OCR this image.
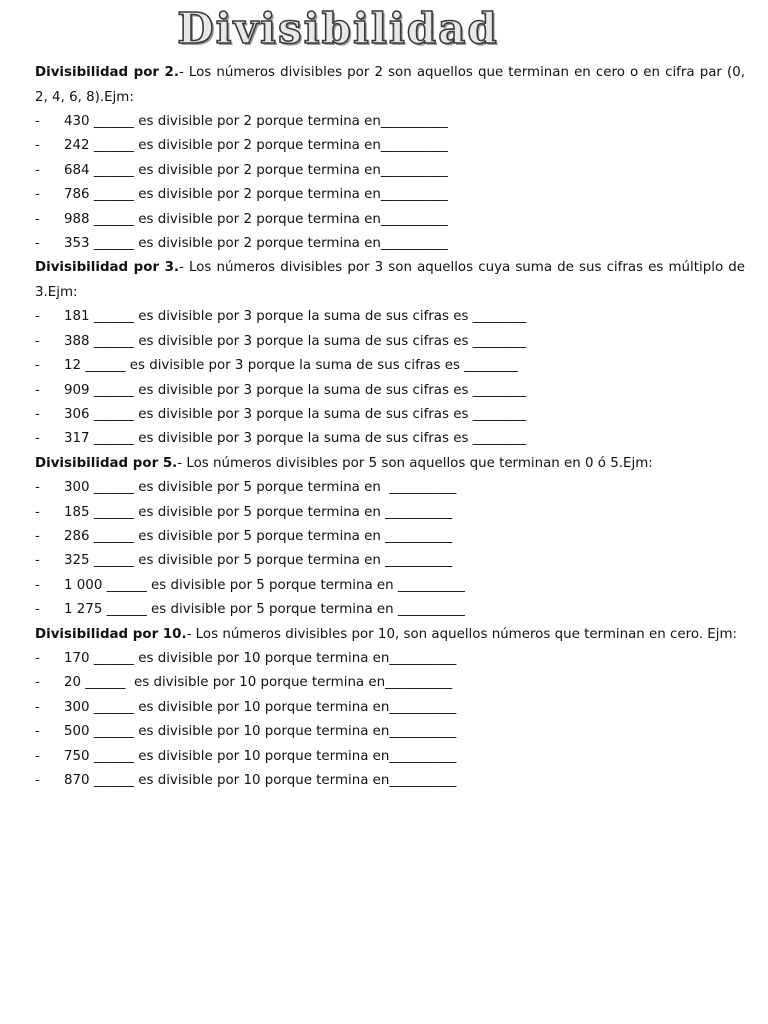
Divisibilidad
Divisibilidad por 2.- Los números divisibles por 2 son aquellos que terminan en cero o en cifra par (0, 2, 4, 6, 8).Ejm:
- 430 ______ es divisible por 2 porque termina en__________
- 242 ______ es divisible por 2 porque termina en__________
- 684 ______ es divisible por 2 porque termina en__________
- 786 ______ es divisible por 2 porque termina en__________
- 988 ______ es divisible por 2 porque termina en__________
- 353 ______ es divisible por 2 porque termina en__________
Divisibilidad por 3.- Los números divisibles por 3 son aquellos cuya suma de sus cifras es múltiplo de 3.Ejm:
- 181 ______ es divisible por 3 porque la suma de sus cifras es ________
- 388 ______ es divisible por 3 porque la suma de sus cifras es ________
- 12 ______ es divisible por 3 porque la suma de sus cifras es ________
- 909 ______ es divisible por 3 porque la suma de sus cifras es ________
- 306 ______ es divisible por 3 porque la suma de sus cifras es ________
- 317 ______ es divisible por 3 porque la suma de sus cifras es ________
Divisibilidad por 5.- Los números divisibles por 5 son aquellos que terminan en 0 ó 5.Ejm:
- 300 ______ es divisible por 5 porque termina en  __________
- 185 ______ es divisible por 5 porque termina en __________
- 286 ______ es divisible por 5 porque termina en __________
- 325 ______ es divisible por 5 porque termina en __________
- 1 000 ______ es divisible por 5 porque termina en __________
- 1 275 ______ es divisible por 5 porque termina en __________
Divisibilidad por 10.- Los números divisibles por 10, son aquellos números que terminan en cero. Ejm:
- 170 ______ es divisible por 10 porque termina en__________
- 20 ______  es divisible por 10 porque termina en__________
- 300 ______ es divisible por 10 porque termina en__________
- 500 ______ es divisible por 10 porque termina en__________
- 750 ______ es divisible por 10 porque termina en__________
- 870 ______ es divisible por 10 porque termina en__________
